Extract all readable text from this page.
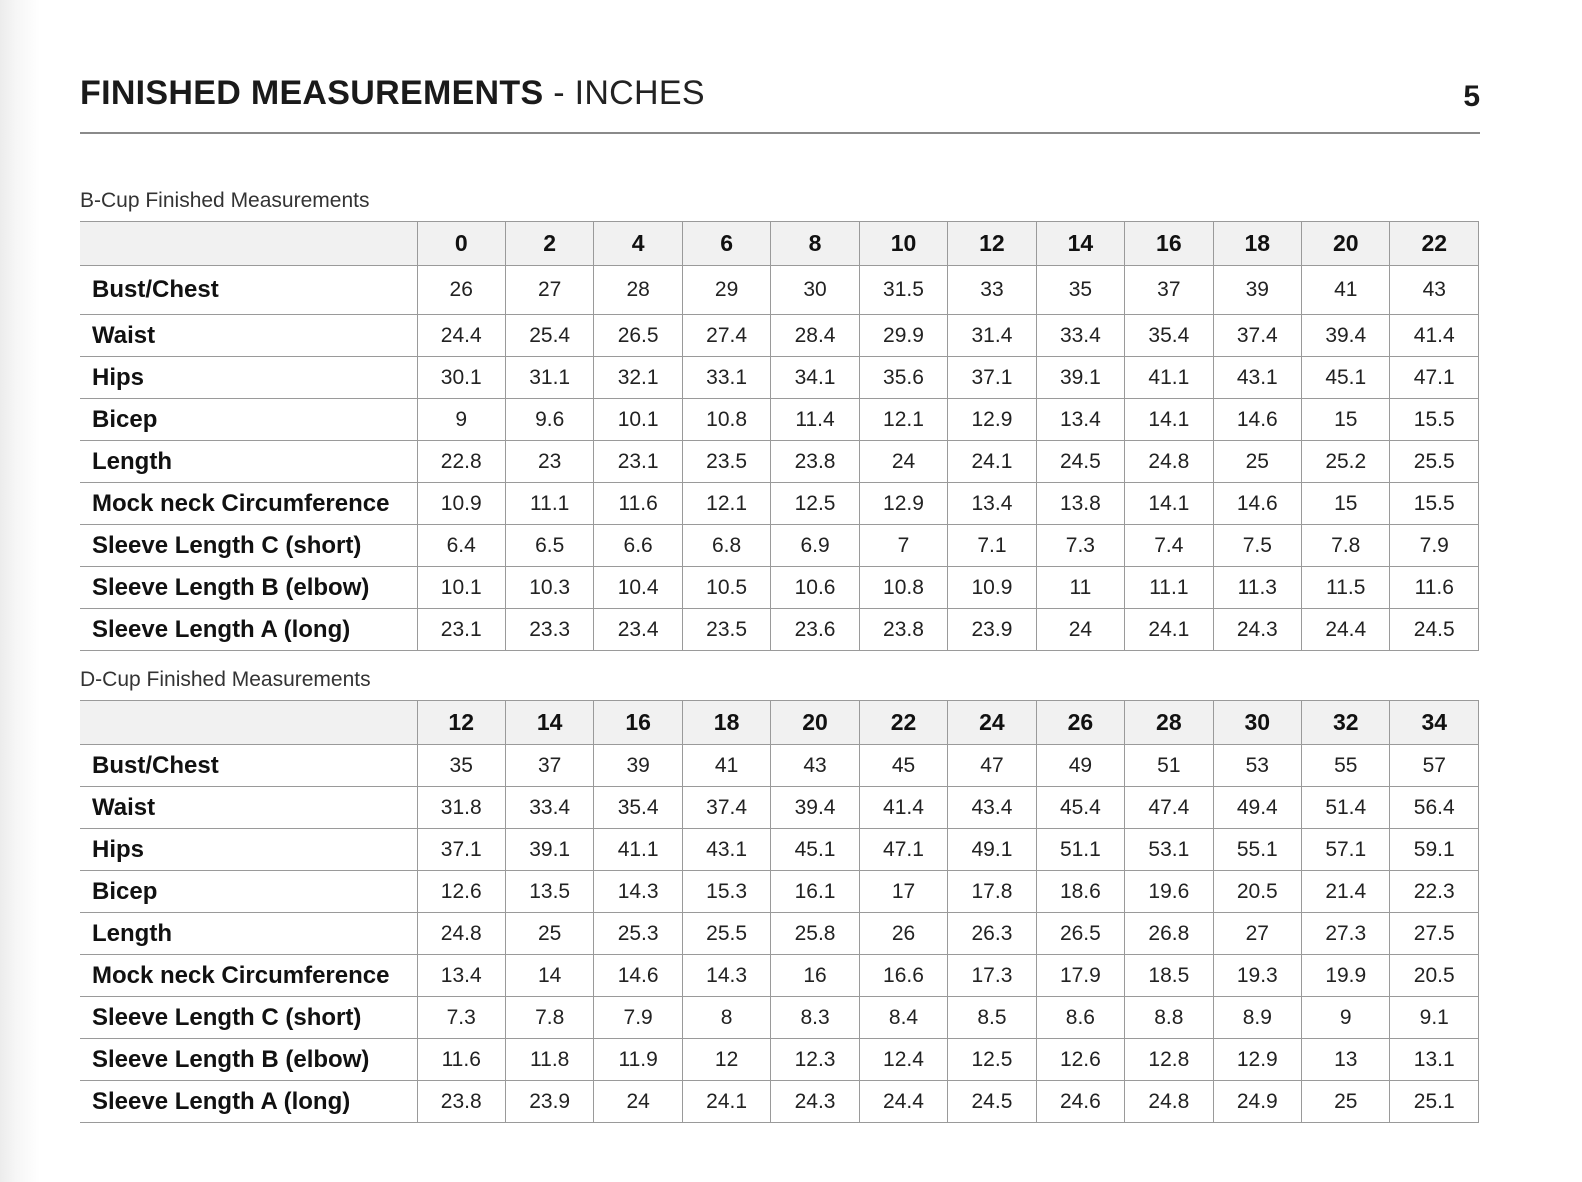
FINISHED MEASUREMENTS - INCHES	5
B-Cup Finished Measurements
	0	2	4	6	8	10	12	14	16	18	20	22
Bust/Chest	26	27	28	29	30	31.5	33	35	37	39	41	43
Waist	24.4	25.4	26.5	27.4	28.4	29.9	31.4	33.4	35.4	37.4	39.4	41.4
Hips	30.1	31.1	32.1	33.1	34.1	35.6	37.1	39.1	41.1	43.1	45.1	47.1
Bicep	9	9.6	10.1	10.8	11.4	12.1	12.9	13.4	14.1	14.6	15	15.5
Length	22.8	23	23.1	23.5	23.8	24	24.1	24.5	24.8	25	25.2	25.5
Mock neck Circumference	10.9	11.1	11.6	12.1	12.5	12.9	13.4	13.8	14.1	14.6	15	15.5
Sleeve Length C (short)	6.4	6.5	6.6	6.8	6.9	7	7.1	7.3	7.4	7.5	7.8	7.9
Sleeve Length B (elbow)	10.1	10.3	10.4	10.5	10.6	10.8	10.9	11	11.1	11.3	11.5	11.6
Sleeve Length A (long)	23.1	23.3	23.4	23.5	23.6	23.8	23.9	24	24.1	24.3	24.4	24.5
D-Cup Finished Measurements
	12	14	16	18	20	22	24	26	28	30	32	34
Bust/Chest	35	37	39	41	43	45	47	49	51	53	55	57
Waist	31.8	33.4	35.4	37.4	39.4	41.4	43.4	45.4	47.4	49.4	51.4	56.4
Hips	37.1	39.1	41.1	43.1	45.1	47.1	49.1	51.1	53.1	55.1	57.1	59.1
Bicep	12.6	13.5	14.3	15.3	16.1	17	17.8	18.6	19.6	20.5	21.4	22.3
Length	24.8	25	25.3	25.5	25.8	26	26.3	26.5	26.8	27	27.3	27.5
Mock neck Circumference	13.4	14	14.6	14.3	16	16.6	17.3	17.9	18.5	19.3	19.9	20.5
Sleeve Length C (short)	7.3	7.8	7.9	8	8.3	8.4	8.5	8.6	8.8	8.9	9	9.1
Sleeve Length B (elbow)	11.6	11.8	11.9	12	12.3	12.4	12.5	12.6	12.8	12.9	13	13.1
Sleeve Length A (long)	23.8	23.9	24	24.1	24.3	24.4	24.5	24.6	24.8	24.9	25	25.1
